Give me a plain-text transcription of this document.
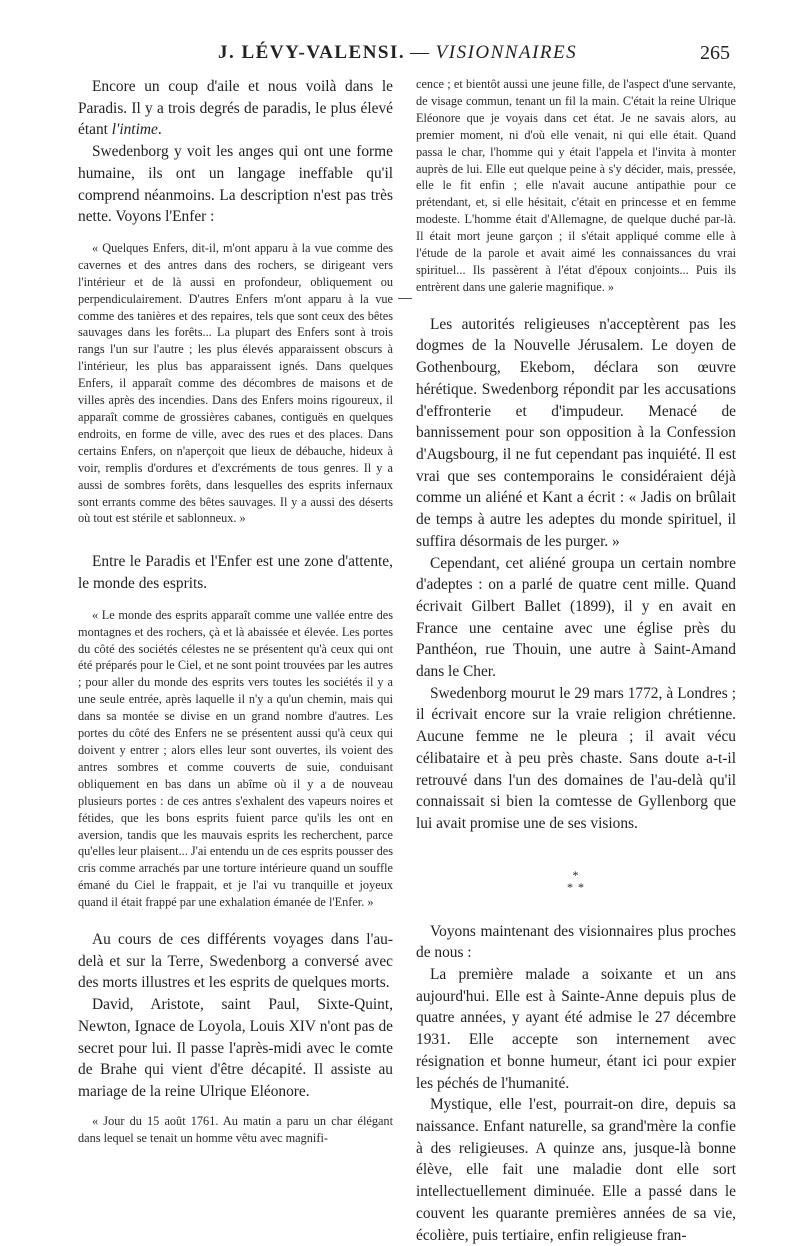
J. LÉVY-VALENSI. — VISIONNAIRES	265

Encore un coup d'aile et nous voilà dans le Paradis. Il y a trois degrés de paradis, le plus élevé étant l'intime.

Swedenborg y voit les anges qui ont une forme humaine, ils ont un langage ineffable qu'il comprend néanmoins. La description n'est pas très nette. Voyons l'Enfer :

« Quelques Enfers, dit-il, m'ont apparu à la vue comme des cavernes et des antres dans des rochers, se dirigeant vers l'intérieur et de là aussi en profondeur, obliquement ou perpendiculairement. D'autres Enfers m'ont apparu à la vue comme des tanières et des repaires, tels que sont ceux des bêtes sauvages dans les forêts... La plupart des Enfers sont à trois rangs l'un sur l'autre ; les plus élevés apparaissent obscurs à l'intérieur, les plus bas apparaissent ignés. Dans quelques Enfers, il apparaît comme des décombres de maisons et de villes après des incendies. Dans des Enfers moins rigoureux, il apparaît comme de grossières cabanes, contiguës en quelques endroits, en forme de ville, avec des rues et des places. Dans certains Enfers, on n'aperçoit que lieux de débauche, hideux à voir, remplis d'ordures et d'excréments de tous genres. Il y a aussi de sombres forêts, dans lesquelles des esprits infernaux sont errants comme des bêtes sauvages. Il y a aussi des déserts où tout est stérile et sablonneux. »

Entre le Paradis et l'Enfer est une zone d'attente, le monde des esprits.

« Le monde des esprits apparaît comme une vallée entre des montagnes et des rochers, çà et là abaissée et élevée. Les portes du côté des sociétés célestes ne se présentent qu'à ceux qui ont été préparés pour le Ciel, et ne sont point trouvées par les autres ; pour aller du monde des esprits vers toutes les sociétés il y a une seule entrée, après laquelle il n'y a qu'un chemin, mais qui dans sa montée se divise en un grand nombre d'autres. Les portes du côté des Enfers ne se présentent aussi qu'à ceux qui doivent y entrer ; alors elles leur sont ouvertes, ils voient des antres sombres et comme couverts de suie, conduisant obliquement en bas dans un abîme où il y a de nouveau plusieurs portes : de ces antres s'exhalent des vapeurs noires et fétides, que les bons esprits fuient parce qu'ils les ont en aversion, tandis que les mauvais esprits les recherchent, parce qu'elles leur plaisent... J'ai entendu un de ces esprits pousser des cris comme arrachés par une torture intérieure quand un souffle émané du Ciel le frappait, et je l'ai vu tranquille et joyeux quand il était frappé par une exhalation émanée de l'Enfer. »

Au cours de ces différents voyages dans l'au-delà et sur la Terre, Swedenborg a conversé avec des morts illustres et les esprits de quelques morts.

David, Aristote, saint Paul, Sixte-Quint, Newton, Ignace de Loyola, Louis XIV n'ont pas de secret pour lui. Il passe l'après-midi avec le comte de Brahe qui vient d'être décapité. Il assiste au mariage de la reine Ulrique Eléonore.

« Jour du 15 août 1761. Au matin a paru un char élégant dans lequel se tenait un homme vêtu avec magnifi-

cence ; et bientôt aussi une jeune fille, de l'aspect d'une servante, de visage commun, tenant un fil la main. C'était la reine Ulrique Eléonore que je voyais dans cet état. Je ne savais alors, au premier moment, ni d'où elle venait, ni qui elle était. Quand passa le char, l'homme qui y était l'appela et l'invita à monter auprès de lui. Elle eut quelque peine à s'y décider, mais, pressée, elle le fit enfin ; elle n'avait aucune antipathie pour ce prétendant, et, si elle hésitait, c'était en princesse et en femme modeste. L'homme était d'Allemagne, de quelque duché par-là. Il était mort jeune garçon ; il s'était appliqué comme elle à l'étude de la parole et avait aimé les connaissances du vrai spirituel... Ils passèrent à l'état d'époux conjoints... Puis ils entrèrent dans une galerie magnifique. »

Les autorités religieuses n'acceptèrent pas les dogmes de la Nouvelle Jérusalem. Le doyen de Gothenbourg, Ekebom, déclara son œuvre hérétique. Swedenborg répondit par les accusations d'effronterie et d'impudeur. Menacé de bannissement pour son opposition à la Confession d'Augsbourg, il ne fut cependant pas inquiété. Il est vrai que ses contemporains le considéraient déjà comme un aliéné et Kant a écrit : « Jadis on brûlait de temps à autre les adeptes du monde spirituel, il suffira désormais de les purger. »

Cependant, cet aliéné groupa un certain nombre d'adeptes : on a parlé de quatre cent mille. Quand écrivait Gilbert Ballet (1899), il y en avait en France une centaine avec une église près du Panthéon, rue Thouin, une autre à Saint-Amand dans le Cher.

Swedenborg mourut le 29 mars 1772, à Londres ; il écrivait encore sur la vraie religion chrétienne. Aucune femme ne le pleura ; il avait vécu célibataire et à peu près chaste. Sans doute a-t-il retrouvé dans l'un des domaines de l'au-delà qu'il connaissait si bien la comtesse de Gyllenborg que lui avait promise une de ses visions.

*
* *

Voyons maintenant des visionnaires plus proches de nous :

La première malade a soixante et un ans aujourd'hui. Elle est à Sainte-Anne depuis plus de quatre années, y ayant été admise le 27 décembre 1931. Elle accepte son internement avec résignation et bonne humeur, étant ici pour expier les péchés de l'humanité.

Mystique, elle l'est, pourrait-on dire, depuis sa naissance. Enfant naturelle, sa grand'mère la confie à des religieuses. A quinze ans, jusque-là bonne élève, elle fait une maladie dont elle sort intellectuellement diminuée. Elle a passé dans le couvent les quarante premières années de sa vie, écolière, puis tertiaire, enfin religieuse fran-
